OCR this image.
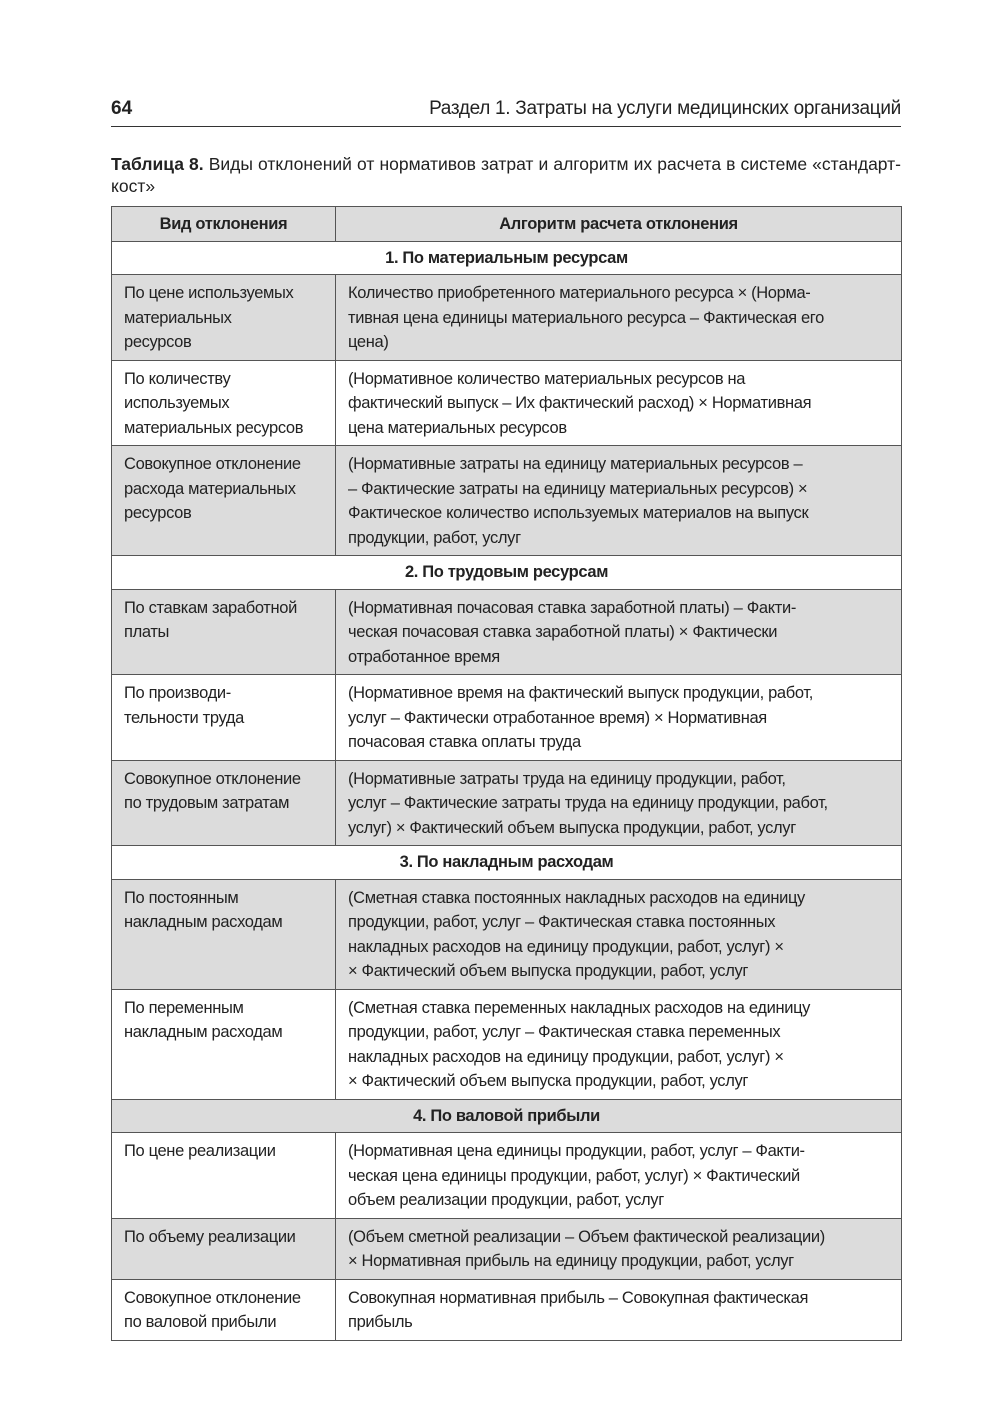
64	Раздел 1. Затраты на услуги медицинских организаций
Таблица 8. Виды отклонений от нормативов затрат и алгоритм их расчета в системе «стандарт-кост»
Вид отклонения	Алгоритм расчета отклонения
1. По материальным ресурсам	

По цене используемых
материальных
ресурсов	Количество приобретенного материального ресурса × (Норма-
тивная цена единицы материального ресурса – Фактическая его
цена)

По количеству
используемых
материальных ресурсов	(Нормативное количество материальных ресурсов на
фактический выпуск – Их фактический расход) × Нормативная
цена материальных ресурсов

Совокупное отклонение
расхода материальных
ресурсов	(Нормативные затраты на единицу материальных ресурсов –
– Фактические затраты на единицу материальных ресурсов) ×
Фактическое количество используемых материалов на выпуск
продукции, работ, услуг

2. По трудовым ресурсам	

По ставкам заработной
платы	(Нормативная почасовая ставка заработной платы) – Факти-
ческая почасовая ставка заработной платы) × Фактически
отработанное время

По производи-
тельности труда	(Нормативное время на фактический выпуск продукции, работ,
услуг – Фактически отработанное время) × Нормативная
почасовая ставка оплаты труда

Совокупное отклонение
по трудовым затратам	(Нормативные затраты труда на единицу продукции, работ,
услуг – Фактические затраты труда на единицу продукции, работ,
услуг) × Фактический объем выпуска продукции, работ, услуг

3. По накладным расходам	

По постоянным
накладным расходам	(Сметная ставка постоянных накладных расходов на единицу
продукции, работ, услуг – Фактическая ставка постоянных
накладных расходов на единицу продукции, работ, услуг) ×
× Фактический объем выпуска продукции, работ, услуг

По переменным
накладным расходам	(Сметная ставка переменных накладных расходов на единицу
продукции, работ, услуг – Фактическая ставка переменных
накладных расходов на единицу продукции, работ, услуг) ×
× Фактический объем выпуска продукции, работ, услуг

4. По валовой прибыли	

По цене реализации	(Нормативная цена единицы продукции, работ, услуг – Факти-
ческая цена единицы продукции, работ, услуг) × Фактический
объем реализации продукции, работ, услуг

По объему реализации	(Объем сметной реализации – Объем фактической реализации)
× Нормативная прибыль на единицу продукции, работ, услуг

Совокупное отклонение
по валовой прибыли	Совокупная нормативная прибыль – Совокупная фактическая
прибыль
